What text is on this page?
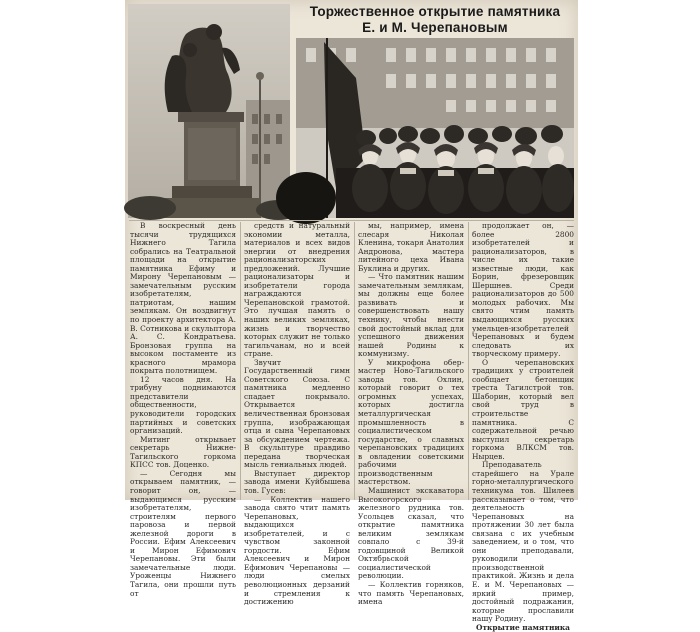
Торжественное открытие памятника
Е. и М. Черепановым

В воскресный день тысячи трудящихся Нижнего Тагила собрались на Театральной площади на открытие памятника Ефиму и Мирону Черепановым — замечательным русским изобретателям, патриотам, нашим землякам. Он воздвигнут по проекту архитектора А. В. Сотникова и скульптора А. С. Кондратьева. Бронзовая группа на высоком постаменте из красного мрамора покрыта полотнищем.

12 часов дня. На трибуну поднимаются представители общественности, руководители городских партийных и советских организаций.

Митинг открывает секретарь Нижне-Тагильского горкома КПСС тов. Доценко.

— Сегодня мы открываем памятник, — говорит он, — выдающимся русским изобретателям, строителям первого паровоза и первой железной дороги в России. Ефим Алексеевич и Мирон Ефимович Черепановы. Эти были замечательные люди. Уроженцы Нижнего Тагила, они прошли путь от

средств и натуральный экономии металла, материалов и всех видов энергии от внедрения рационализаторских предложений. Лучшие рационализаторы и изобретатели города награждаются Черепановской грамотой. Это лучшая память о наших великих земляках, жизнь и творчество которых служит не только тагильчанам, но и всей стране.

Звучит Государственный гимн Советского Союза. С памятника медленно спадает покрывало. Открывается величественная бронзовая группа, изображающая отца и сына Черепановых за обсуждением чертежа. В скульптуре правдиво передана творческая мысль гениальных людей.

Выступает директор завода имени Куйбышева тов. Гусев:

— Коллектив нашего завода свято чтит память Черепановых, выдающихся изобретателей, и с чувством законной гордости. Ефим Алексеевич и Мирон Ефимович Черепановы — люди смелых революционных дерзаний и стремления к достижению

мы, например, имена слесаря Николая Кленина, токаря Анатолия Андронова, мастера литейного цеха Ивана Буклина и других.

— Что памятник нашим замечательным землякам, мы должны еще более развивать и совершенствовать нашу технику, чтобы внести свой достойный вклад для успешного движения нашей Родины к коммунизму.

У микрофона обер-мастер Ново-Тагильского завода тов. Охлин, который говорит о тех огромных успехах, которых достигла металлургическая промышленность в социалистическом государстве, о славных черепановских традициях в овладении советскими рабочими производственным мастерством.

Машинист экскаватора Высокогорского железного рудника тов. Усольцев сказал, что открытие памятника великим землякам совпало с 39-й годовщиной Великой Октябрьской социалистической революции.

— Коллектив горняков, что память Черепановых, имена

продолжает он, — более 2800 изобретателей и рационализаторов, в числе их такие известные люди, как Борин, фрезеровщик Шершнев. Среди рационализаторов до 500 молодых рабочих. Мы свято чтим память выдающихся русских умельцев-изобретателей Черепановых и будем следовать их творческому примеру.

О черепановских традициях у строителей сообщает бетонщик треста Тагилстрой тов. Шаборин, который вел свой труд в строительстве памятника. С содержательной речью выступил секретарь горкома ВЛКСМ тов. Нырцев.

Преподаватель старейшего на Урале горно-металлургического техникума тов. Шилеев рассказывает о том, что деятельность Черепановых на протяжении 30 лет была связана с их учебным заведением, и о том, что они преподавали, руководили производственной практикой. Жизнь и дела Е. и М. Черепановых — яркий пример, достойный подражания, которые прославили нашу Родину.

Открытие памятника
